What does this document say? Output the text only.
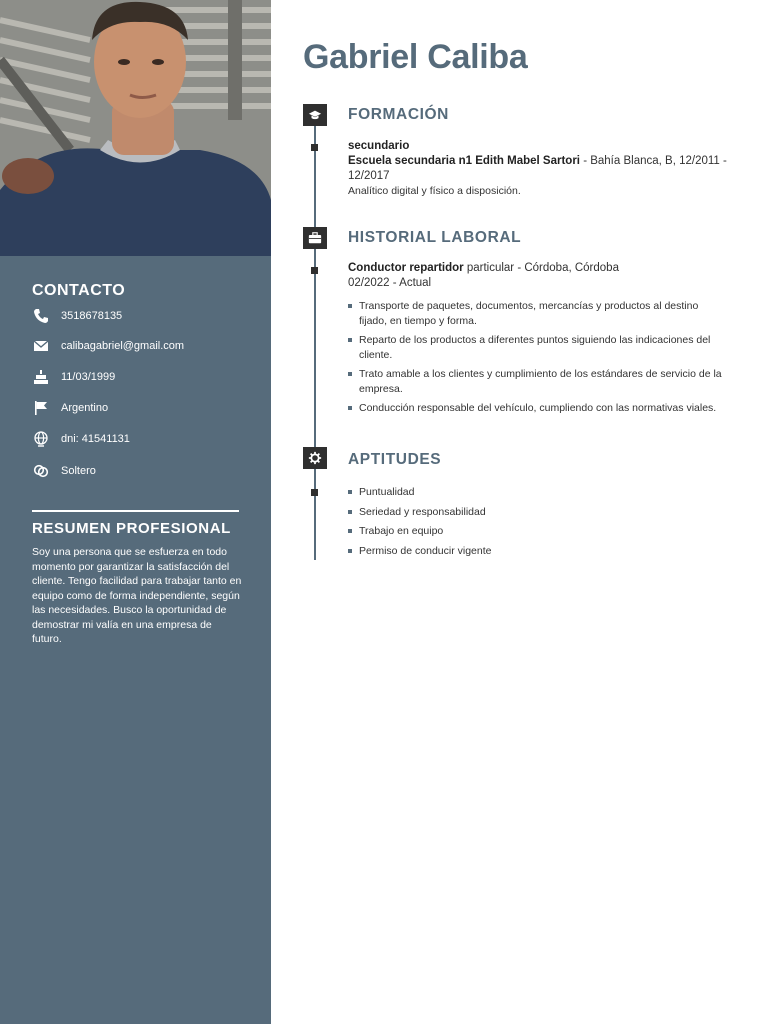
CONTACTO
3518678135
calibagabriel@gmail.com
11/03/1999
Argentino
dni: 41541131
Soltero
RESUMEN PROFESIONAL
Soy una persona que se esfuerza en todo momento por garantizar la satisfacción del cliente. Tengo facilidad para trabajar tanto en equipo como de forma independiente, según las necesidades. Busco la oportunidad de demostrar mi valía en una empresa de futuro.
Gabriel Caliba
FORMACIÓN
secundario
Escuela secundaria n1 Edith Mabel Sartori - Bahía Blanca, B, 12/2011 - 12/2017
Analítico digital y físico a disposición.
HISTORIAL LABORAL
Conductor repartidor particular - Córdoba, Córdoba
02/2022 - Actual
Transporte de paquetes, documentos, mercancías y productos al destino fijado, en tiempo y forma.
Reparto de los productos a diferentes puntos siguiendo las indicaciones del cliente.
Trato amable a los clientes y cumplimiento de los estándares de servicio de la empresa.
Conducción responsable del vehículo, cumpliendo con las normativas viales.
APTITUDES
Puntualidad
Seriedad y responsabilidad
Trabajo en equipo
Permiso de conducir vigente
